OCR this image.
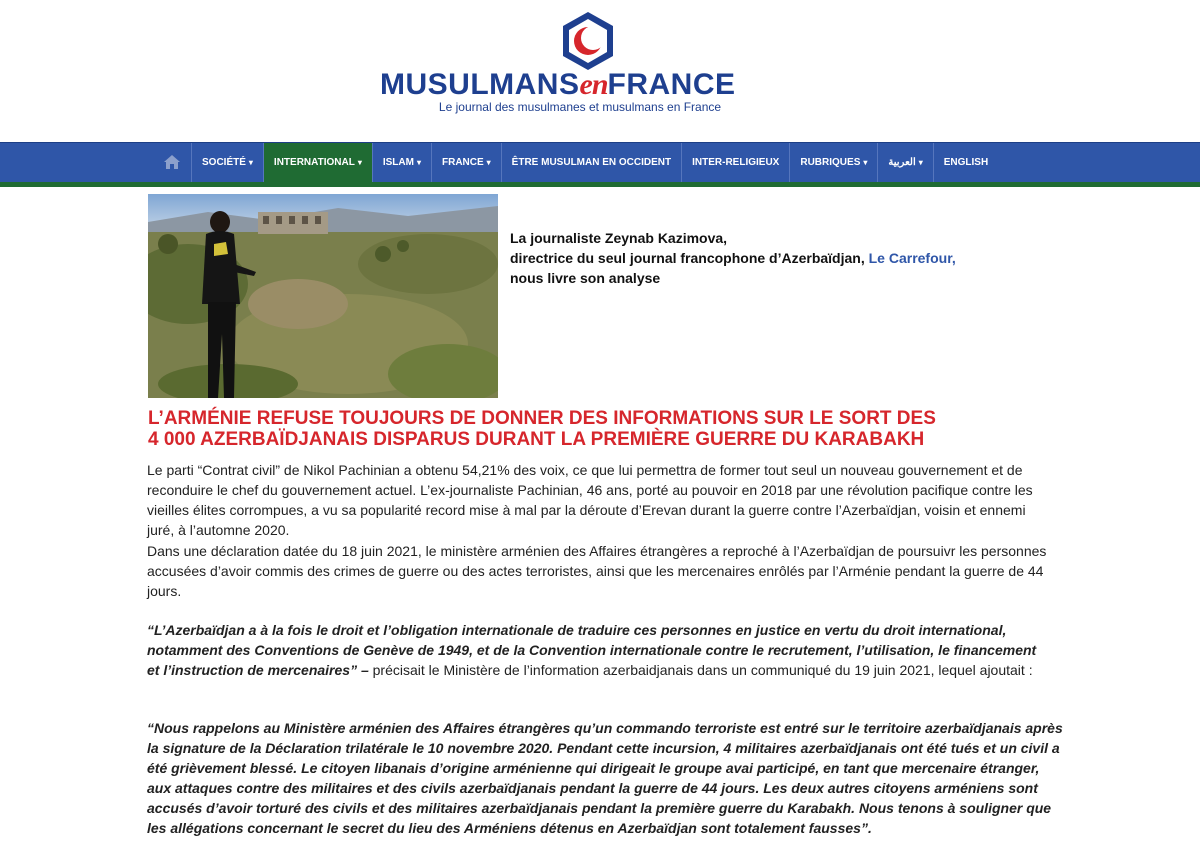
MUSULMANSenFRANCE
Le journal des musulmanes et musulmans en France
SOCIÉTÉ ▾	INTERNATIONAL ▾	ISLAM ▾	FRANCE ▾	ÊTRE MUSULMAN EN OCCIDENT	INTER-RELIGIEUX	RUBRIQUES ▾	العربية ▾	ENGLISH
La journaliste Zeynab Kazimova,
directrice du seul journal francophone d’Azerbaïdjan, Le Carrefour,
nous livre son analyse
L’ARMÉNIE REFUSE TOUJOURS DE DONNER DES INFORMATIONS SUR LE SORT DES
4 000 AZERBAÏDJANAIS DISPARUS DURANT LA PREMIÈRE GUERRE DU KARABAKH
Le parti “Contrat civil” de Nikol Pachinian a obtenu 54,21% des voix, ce que lui permettra de former tout seul un nouveau gouvernement et de reconduire le chef du gouvernement actuel. L’ex-journaliste Pachinian, 46 ans, porté au pouvoir en 2018 par une révolution pacifique contre les vieilles élites corrompues, a vu sa popularité record mise à mal par la déroute d’Erevan durant la guerre contre l’Azerbaïdjan, voisin et ennemi juré, à l’automne 2020.
Dans une déclaration datée du 18 juin 2021, le ministère arménien des Affaires étrangères a reproché à l’Azerbaïdjan de poursuivr les personnes accusées d’avoir commis des crimes de guerre ou des actes terroristes, ainsi que les mercenaires enrôlés par l’Arménie pendant la guerre de 44 jours.
“L’Azerbaïdjan a à la fois le droit et l’obligation internationale de traduire ces personnes en justice en vertu du droit international, notamment des Conventions de Genève de 1949, et de la Convention internationale contre le recrutement, l’utilisation, le financement et l’instruction de mercenaires” – précisait le Ministère de l’information azerbaidjanais dans un communiqué du 19 juin 2021, lequel ajoutait :
“Nous rappelons au Ministère arménien des Affaires étrangères qu’un commando terroriste est entré sur le territoire azerbaïdjanais après la signature de la Déclaration trilatérale le 10 novembre 2020. Pendant cette incursion, 4 militaires azerbaïdjanais ont été tués et un civil a été grièvement blessé. Le citoyen libanais d’origine arménienne qui dirigeait le groupe avai participé, en tant que mercenaire étranger, aux attaques contre des militaires et des civils azerbaïdjanais pendant la guerre de 44 jours. Les deux autres citoyens arméniens sont accusés d’avoir torturé des civils et des militaires azerbaïdjanais pendant la première guerre du Karabakh. Nous tenons à souligner que les allégations concernant le secret du lieu des Arméniens détenus en Azerbaïdjan sont totalement fausses”.
